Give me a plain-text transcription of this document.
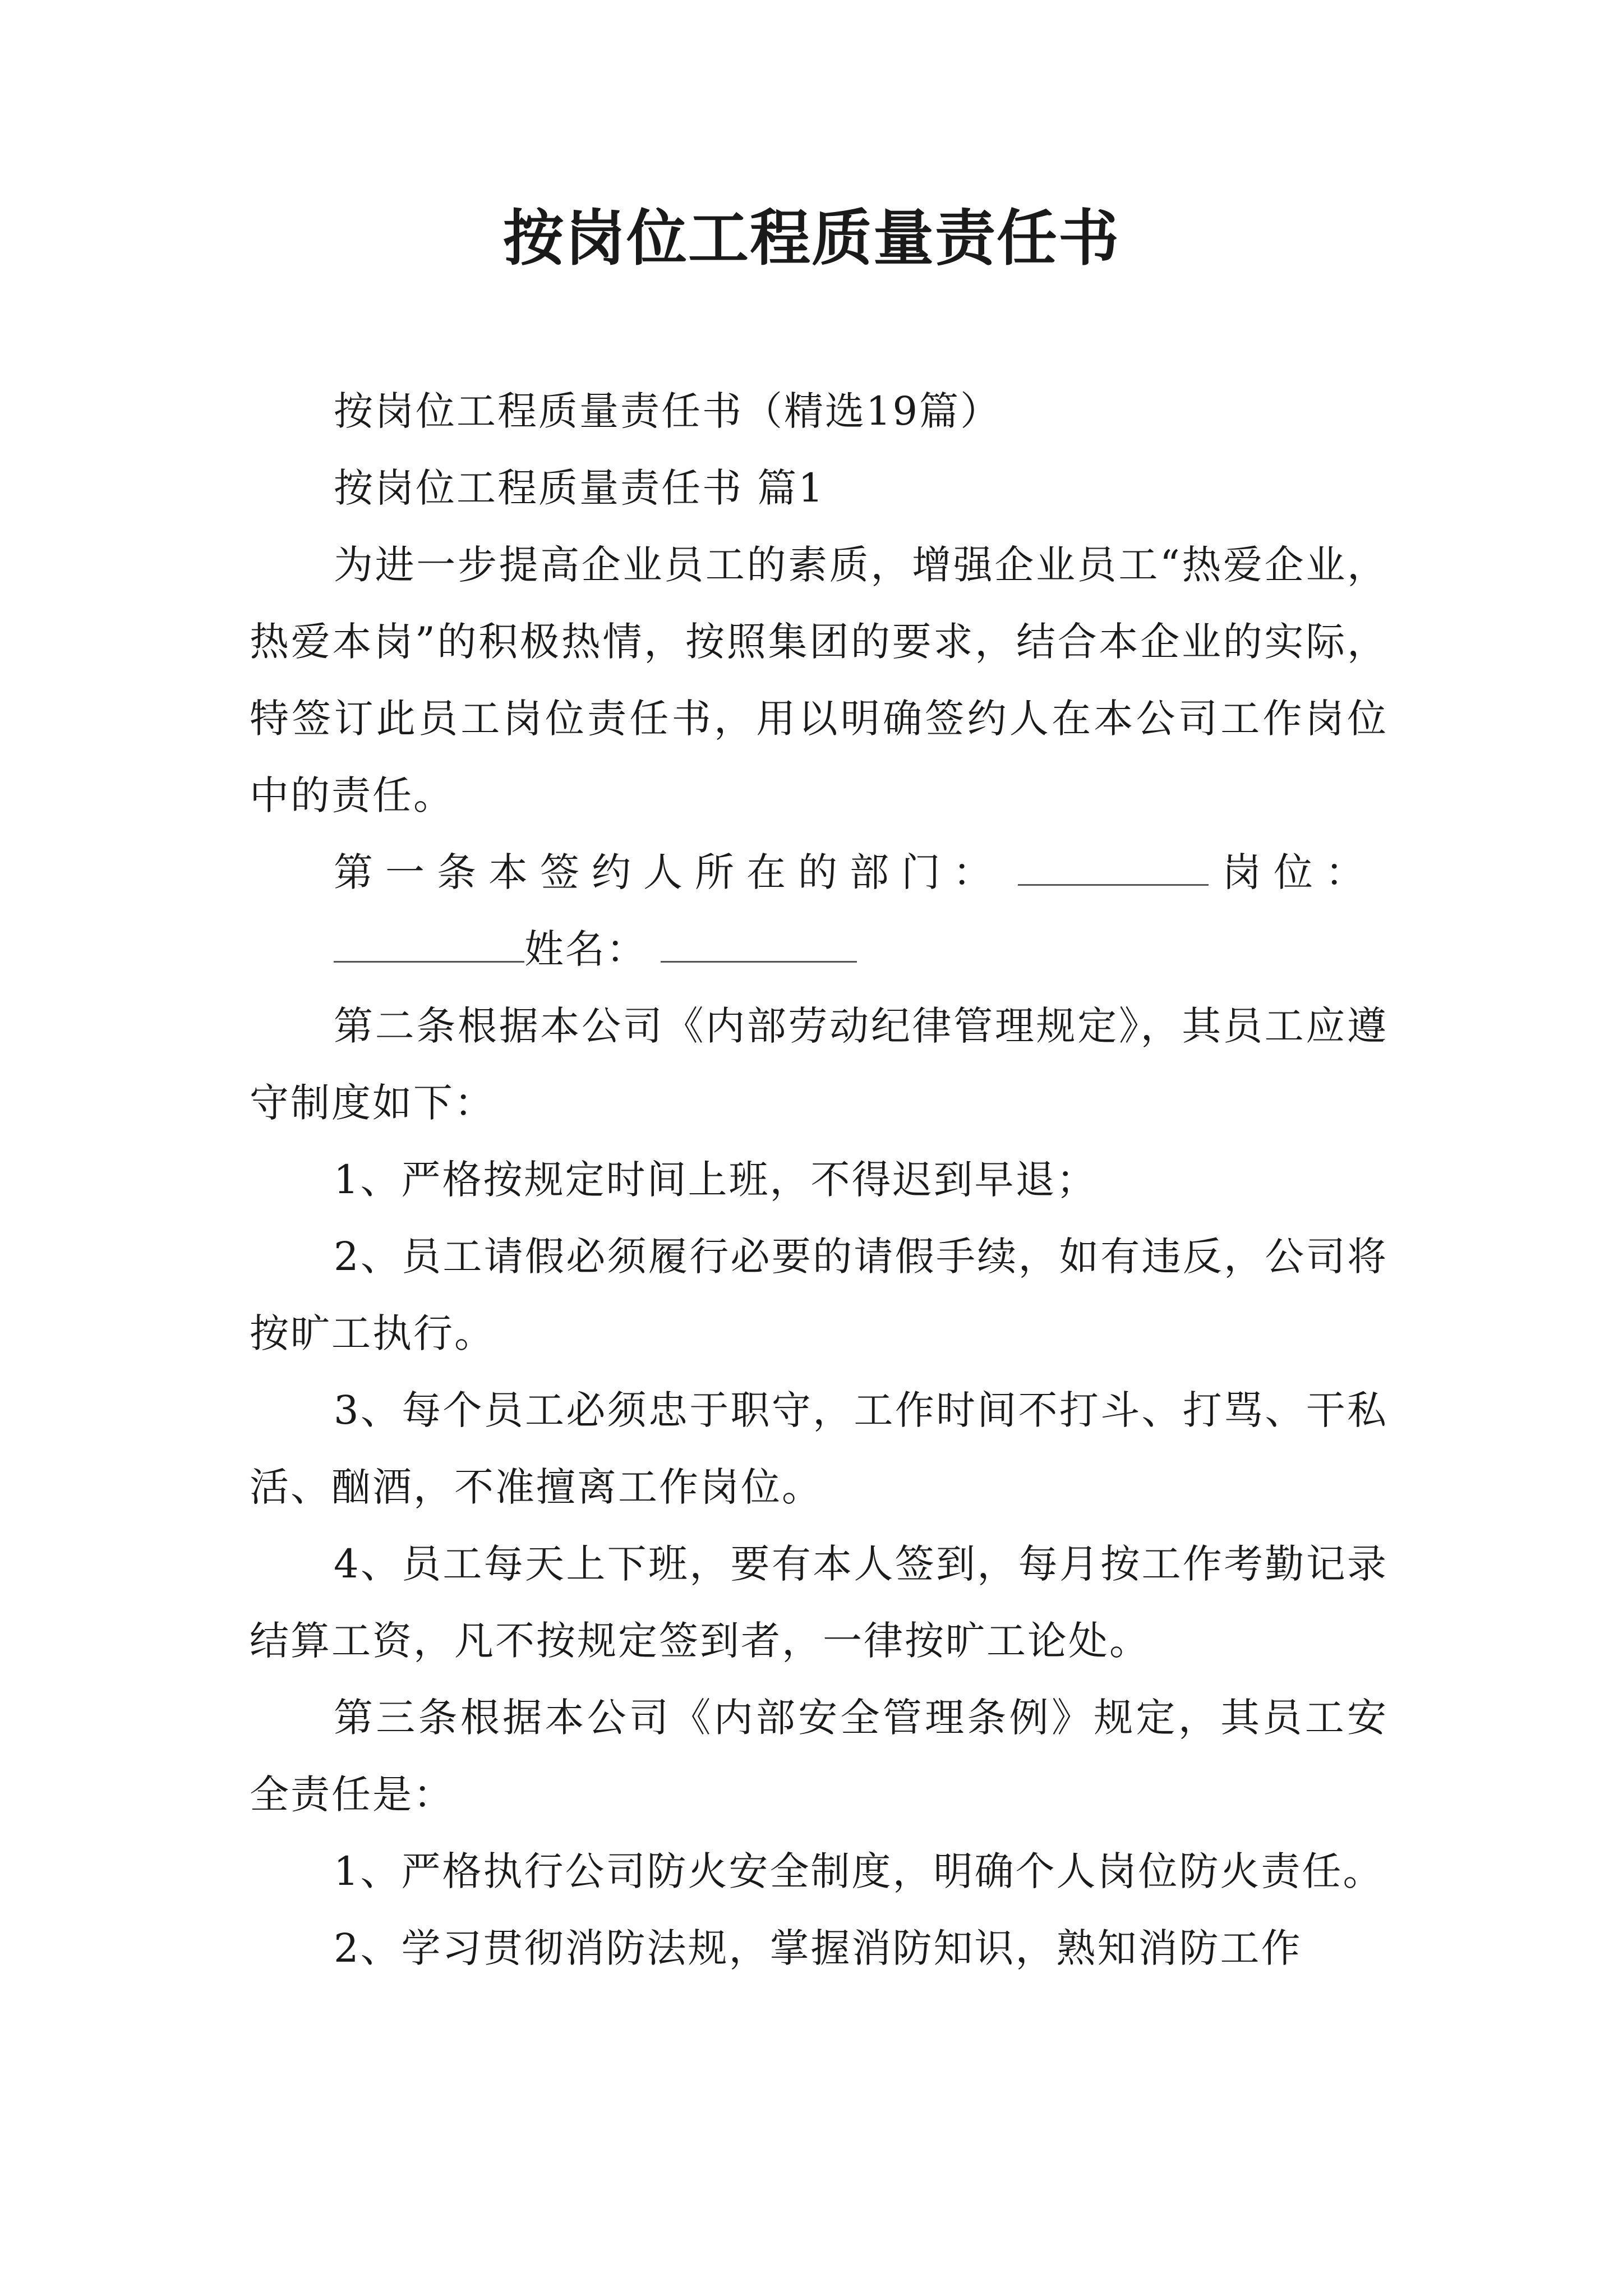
按岗位工程质量责任书

按岗位工程质量责任书（精选19篇）

按岗位工程质量责任书 篇1

为进一步提高企业员工的素质，增强企业员工“热爱企业，热爱本岗”的积极热情，按照集团的要求，结合本企业的实际，特签订此员工岗位责任书，用以明确签约人在本公司工作岗位中的责任。

第一条本签约人所在的部门：	岗位：

姓名：

第二条根据本公司《内部劳动纪律管理规定》，其员工应遵守制度如下：

1、严格按规定时间上班，不得迟到早退；

2、员工请假必须履行必要的请假手续，如有违反，公司将按旷工执行。

3、每个员工必须忠于职守，工作时间不打斗、打骂、干私活、酗酒，不准擅离工作岗位。

4、员工每天上下班，要有本人签到，每月按工作考勤记录结算工资，凡不按规定签到者，一律按旷工论处。

第三条根据本公司《内部安全管理条例》规定，其员工安全责任是：

1、严格执行公司防火安全制度，明确个人岗位防火责任。

2、学习贯彻消防法规，掌握消防知识，熟知消防工作
